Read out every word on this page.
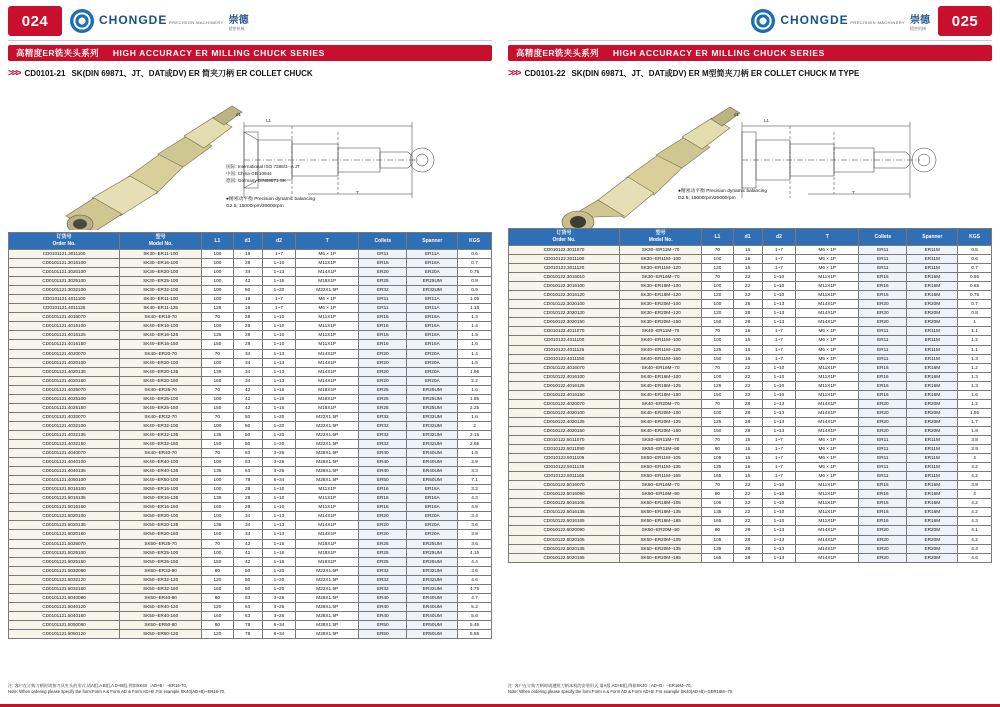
024	CHONGDE PRECISION MACHINERY 崇德
精密机械
高精度ER铣夹头系列 HIGH ACCURACY ER MILLING CHUCK SERIES
>>> CD0101-21 SK(DIN 69871、JT、DAT或DV) ER 简夹刀柄 ER COLLET CHUCK
L1
T
d1
国际: International ISO 7388/1--A JT
中国: China GB 10944
德国: Germany DIN69871 SK
●精密动平衡 Precision dynamic balancing
G2.5; 15000rpm/20000rpm
订货号
Order No.	型号
Model No.	L1	d1	d2	T	Collets	Spanner	KGS

CD0101121.3011100	SK30--ER11-100	100	19	1~7	M6 × 1P	ER11	ER11A	0.6
CD0101121.3016100	SK30--ER16-100	100	28	1~10	M11X1P	ER16	ER16A	0.7
CD0101121.3020100	SK30--ER20-100	100	34	1~13	M14X1P	ER20	ER20A	0.75
CD0101121.3025100	SK30--ER25-100	100	42	1~16	M18X1P	ER25	ER25UM	0.8
CD0101121.3032100	SK30--ER32-100	100	50	1~20	M22X1.5P	ER32	ER32UM	0.9
CD0101121.4011100	SK40--ER11-100	100	19	1~7	M6 × 1P	ER11	ER11A	1.05
CD0101121.4011125	SK40--ER11-125	125	19	1~7	M6 × 1P	ER11	ER11A	1.15
CD0101121.4016070	SK40--ER16-70	70	28	1~10	M11X1P	ER16	ER16A	1.3
CD0101121.4016100	SK40--ER16-100	100	28	1~10	M11X1P	ER16	ER16A	1.4
CD0101121.4016125	SK40--ER16-125	125	28	1~10	M11X1P	ER16	ER16A	1.5
CD0101121.4016150	SK40--ER16-150	150	28	1~10	M11X1P	ER16	ER16A	1.6
CD0101121.4020070	SK40--ER20-70	70	34	1~13	M14X1P	ER20	ER20A	1.4
CD0101121.4020100	SK40--ER20-100	100	34	1~13	M14X1P	ER20	ER20A	1.5
CD0101121.4020135	SK40--ER20-135	135	34	1~13	M14X1P	ER20	ER20A	1.95
CD0101121.4020160	SK40--ER20-160	160	34	1~13	M14X1P	ER20	ER20A	2.2
CD0101121.4025070	SK40--ER25-70	70	42	1~16	M18X1P	ER25	ER25UM	1.6
CD0101121.4025100	SK40--ER25-100	100	42	1~16	M18X1P	ER25	ER25UM	1.85
CD0101121.4025150	SK40--ER25-150	150	42	1~16	M18X1P	ER25	ER25UM	2.25
CD0101121.4032070	SK40--ER32-70	70	50	1~20	M22X1.5P	ER32	ER32UM	1.6
CD0101121.4032100	SK40--ER32-100	100	50	1~20	M22X1.5P	ER32	ER32UM	2
CD0101121.4032135	SK40--ER32-135	135	50	1~20	M22X1.5P	ER32	ER32UM	2.15
CD0101121.4032150	SK40--ER32-150	150	50	1~20	M22X1.5P	ER32	ER32UM	2.65
CD0101121.4040070	SK40--ER40-70	70	63	3~26	M28X1.5P	ER40	ER40UM	1.5
CD0101121.4040100	SK40--ER40-100	100	63	3~26	M28X1.5P	ER40	ER40UM	2.9
CD0101121.4040135	SK40--ER40-135	135	63	3~26	M28X1.5P	ER40	ER40UM	3.3
CD0101121.4050100	SK40--ER50-100	100	78	6~34	M28X1.5P	ER50	ER50UM	7.1
CD0101121.5016100	SK50--ER16-100	100	28	1~10	M11X1P	ER16	ER16A	3.2
CD0101121.5016135	SK50--ER16-135	135	28	1~10	M11X1P	ER16	ER16A	4.3
CD0101121.5016160	SK50--ER16-160	160	28	1~10	M11X1P	ER16	ER16A	4.5
CD0101121.5020100	SK50--ER20-100	100	34	1~13	M14X1P	ER20	ER20A	3.4
CD0101121.5020135	SK50--ER20-135	135	34	1~13	M14X1P	ER20	ER20A	3.6
CD0101121.5020160	SK50--ER20-160	160	34	1~13	M14X1P	ER20	ER20A	3.8
CD0101121.5025070	SK50--ER25-70	70	42	1~16	M18X1P	ER25	ER25UM	3.6
CD0101121.5025100	SK50--ER25-100	100	42	1~16	M18X1P	ER25	ER25UM	4.15
CD0101121.5025150	SK50--ER25-150	150	42	1~16	M18X1P	ER25	ER25UM	4.4
CD0101121.5032080	SK50--ER32-80	80	50	1~20	M22X1.5P	ER32	ER32UM	3.6
CD0101121.5032120	SK50--ER32-120	120	50	1~20	M22X1.5P	ER32	ER32UM	4.6
CD0101121.5032160	SK50--ER32-160	160	50	1~20	M22X1.5P	ER32	ER32UM	4.75
CD0101121.5040080	SK50--ER40-80	80	63	3~26	M28X1.5P	ER40	ER40UM	4.7
CD0101121.5040120	SK50--ER40-120	120	63	3~26	M28X1.5P	ER40	ER40UM	5.2
CD0101121.5040160	SK50--ER40-160	160	63	3~26	M28X1.5P	ER40	ER40UM	5.6
CD0101121.5050080	SK50--ER50-80	80	78	6~34	M28X1.5P	ER50	ER50UM	5.45
CD0101121.5050120	SK50--ER50-120	120	78	6~34	M28X1.5P	ER50	ER50UM	5.55
注: 客户在订购刀柄时请按刀具夹头的形式,请A组,A B组,A D+B组,例如SK40〔AD+B〕--ER16-70。
Note: When ordering please specify the form:Form A & Form AD & Form AD+B .For example SK40(AD+B)--ER16-70.
025
CHONGDE PRECISION MACHINERY 崇德
精密机械
高精度ER铣夹头系列 HIGH ACCURACY ER MILLING CHUCK SERIES
>>> CD0101-22 SK(DIN 69871、JT、DAT或DV) ER M型简夹刀柄 ER COLLET CHUCK M TYPE
L1
T
d1
●精密动平衡 Precision dynamic balancing
G2.5; 15000rpm/20000rpm
订货号
Order No.	型号
Model No.	L1	d1	d2	T	Collets	Spanner	KGS

CD010122.3011070	SK30--ER11M--70	70	16	1~7	M6 × 1P	ER11	ER11M	0.5
CD010122.3011100	SK30--ER11M--100	100	16	1~7	M6 × 1P	ER11	ER11M	0.6
CD010122.3011120	SK30--ER11M--120	120	16	1~7	M6 × 1P	ER11	ER11M	0.7
CD010122.3016010	SK30--ER16M--70	70	22	1~10	M11X1P	ER16	ER16M	0.55
CD010122.3016100	SK30--ER16M--100	100	22	1~10	M11X1P	ER16	ER16M	0.65
CD010122.3016120	SK30--ER16M--120	120	22	1~10	M11X1P	ER16	ER16M	0.75
CD010122.3020100	SK30--ER20M--100	100	28	1~13	M14X1P	ER20	ER20M	0.7
CD010122.3020120	SK30--ER20M--120	120	28	1~13	M14X1P	ER20	ER20M	0.8
CD010122.3020150	SK30--ER20M--150	150	28	1~13	M14X1P	ER20	ER20M	1
CD010122.4011070	SK40--ER11M--70	70	16	1~7	M6 × 1P	ER11	ER11M	1.1
CD010122.4011100	SK40--ER11M--100	100	16	1~7	M6 × 1P	ER11	ER11M	1.2
CD010122.4011125	SK40--ER11M--125	125	16	1~7	M6 × 1P	ER11	ER11M	1.1
CD010122.4011150	SK40--ER11M--150	150	16	1~7	M6 × 1P	ER11	ER11M	1.3
CD010122.4016070	SK40--ER16M--70	70	22	1~10	M11X1P	ER16	ER16M	1.2
CD010122.4016100	SK40--ER16M--100	100	22	1~10	M11X1P	ER16	ER16M	1.3
CD010122.4016125	SK40--ER16M--125	125	22	1~10	M11X1P	ER16	ER16M	1.3
CD010122.4016150	SK40--ER16M--150	150	22	1~10	M11X1P	ER16	ER16M	1.6
CD010122.4020070	SK40--ER20M--70	70	28	1~13	M14X1P	ER20	ER20M	1.2
CD010122.4020100	SK40--ER20M--100	100	28	1~13	M14X1P	ER20	ER20M	1.55
CD010122.4020125	SK40--ER20M--125	125	28	1~13	M14X1P	ER20	ER20M	1.7
CD010122.4020150	SK40--ER20M--150	150	28	1~13	M14X1P	ER20	ER20M	1.8
CD010122.5011070	SK50--ER11M--70	70	16	1~7	M6 × 1P	ER11	ER11M	3.8
CD010122.5011090	SK50--ER11M--90	90	16	1~7	M6 × 1P	ER11	ER11M	3.9
CD010122.5011105	SK50--ER11M--105	105	16	1~7	M6 × 1P	ER11	ER11M	4
CD010122.5011135	SK50--ER11M--135	135	16	1~7	M6 × 1P	ER11	ER11M	4.2
CD010122.5011165	SK50--ER11M--165	165	16	1~7	M6 × 1P	ER11	ER11M	4.2
CD010122.5016070	SK50--ER16M--70	70	22	1~10	M11X1P	ER16	ER16M	3.9
CD010122.5016090	SK50--ER16M--90	90	22	1~10	M11X1P	ER16	ER16M	4
CD010122.5016105	SK50--ER16M--105	105	22	1~10	M11X1P	ER16	ER16M	4.2
CD010122.5016135	SK50--ER16M--135	135	22	1~10	M11X1P	ER16	ER16M	4.2
CD010122.5016165	SK50--ER16M--165	165	22	1~10	M11X1P	ER16	ER16M	4.3
CD010122.5020090	SK50--ER20M--90	90	28	1~13	M14X1P	ER20	ER20M	4.1
CD010122.5020105	SK50--ER20M--105	105	28	1~13	M14X1P	ER20	ER20M	4.2
CD010122.5020135	SK50--ER20M--135	135	28	1~13	M14X1P	ER20	ER20M	4.4
CD010122.5020165	SK50--ER20M--165	165	28	1~13	M14X1P	ER20	ER20M	4.6
注: 客户在订购刀柄时请遵照刀柄本机的安装形式,请A组,AD+B组,例如SK40〔AD+B〕--ER16M--70。
Note: When ordering please specify the form:Form A & Form AD & Form AD+B .For example SK40(AD+B)--GER16M--70.
